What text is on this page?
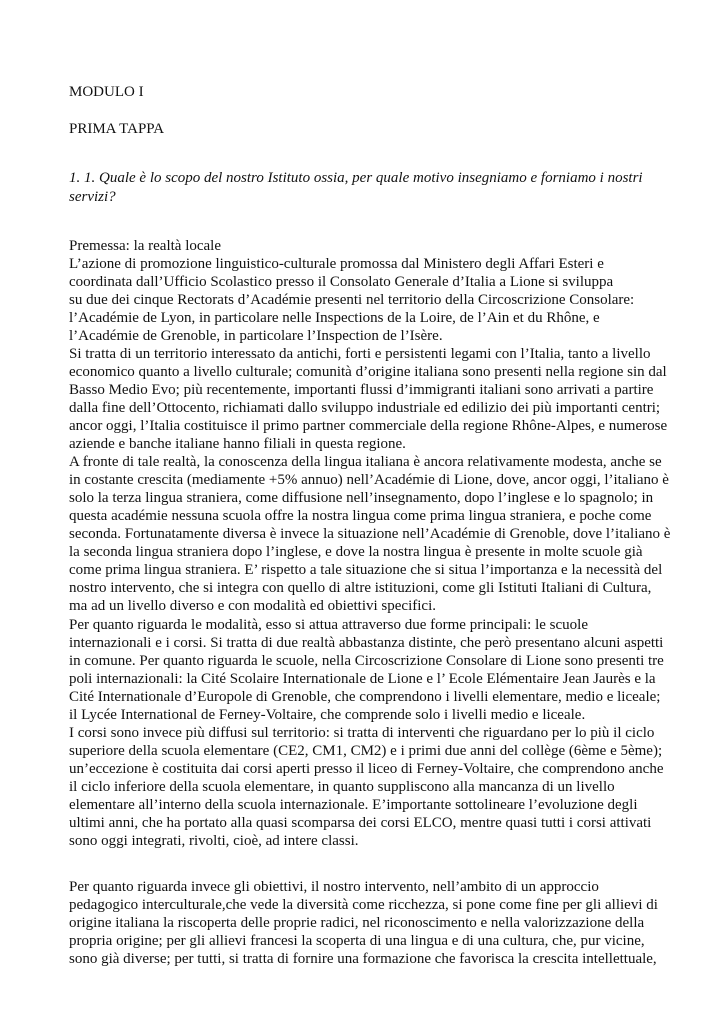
MODULO I
PRIMA TAPPA
1. 1. Quale è lo scopo del nostro Istituto ossia, per quale motivo insegniamo e forniamo i nostri
servizi?
Premessa: la realtà locale
L’azione di promozione linguistico-culturale promossa dal Ministero degli Affari Esteri e
coordinata dall’Ufficio Scolastico presso il Consolato Generale d’Italia a Lione si sviluppa
su due dei cinque Rectorats d’Académie presenti nel territorio della Circoscrizione Consolare:
l’Académie de Lyon, in particolare nelle Inspections de la Loire, de l’Ain et du Rhône, e
l’Académie de Grenoble, in particolare l’Inspection de l’Isère.
Si tratta di un territorio interessato da antichi, forti e persistenti legami con l’Italia, tanto a livello
economico quanto a livello culturale; comunità d’origine italiana sono presenti nella regione sin dal
Basso Medio Evo; più recentemente, importanti flussi d’immigranti italiani sono arrivati a partire
dalla fine dell’Ottocento, richiamati dallo sviluppo industriale ed edilizio dei più importanti centri;
ancor oggi, l’Italia costituisce il primo partner commerciale della regione Rhône-Alpes, e numerose
aziende e banche italiane hanno filiali in questa regione.
A fronte di tale realtà, la conoscenza della lingua italiana è ancora relativamente modesta, anche se
in costante crescita (mediamente +5% annuo) nell’Académie di Lione, dove, ancor oggi, l’italiano è
solo la terza lingua straniera, come diffusione nell’insegnamento, dopo l’inglese e lo spagnolo; in
questa académie nessuna scuola offre la nostra lingua come prima lingua straniera, e poche come
seconda. Fortunatamente diversa è invece la situazione nell’Académie di Grenoble, dove l’italiano è
la seconda lingua straniera dopo l’inglese, e dove la nostra lingua è presente in molte scuole già
come prima lingua straniera. E’ rispetto a tale situazione che si situa l’importanza e la necessità del
nostro intervento, che si integra con quello di altre istituzioni, come gli Istituti Italiani di Cultura,
ma ad un livello diverso e con modalità ed obiettivi specifici.
Per quanto riguarda le modalità, esso si attua attraverso due forme principali: le scuole
internazionali e i corsi. Si tratta di due realtà abbastanza distinte, che però presentano alcuni aspetti
in comune. Per quanto riguarda le scuole, nella Circoscrizione Consolare di Lione sono presenti tre
poli internazionali: la Cité Scolaire Internationale de Lione e l’ Ecole Elémentaire Jean Jaurès e la
Cité Internationale d’Europole di Grenoble, che comprendono i livelli elementare, medio e liceale;
il Lycée International de Ferney-Voltaire, che comprende solo i livelli medio e liceale.
I corsi sono invece più diffusi sul territorio: si tratta di interventi che riguardano per lo più il ciclo
superiore della scuola elementare (CE2, CM1, CM2) e i primi due anni del collège (6ème e 5ème);
un’eccezione è costituita dai corsi aperti presso il liceo di Ferney-Voltaire, che comprendono anche
il ciclo inferiore della scuola elementare, in quanto suppliscono alla mancanza di un livello
elementare all’interno della scuola internazionale. E’importante sottolineare l’evoluzione degli
ultimi anni, che ha portato alla quasi scomparsa dei corsi ELCO, mentre quasi tutti i corsi attivati
sono oggi integrati, rivolti, cioè, ad intere classi.
Per quanto riguarda invece gli obiettivi, il nostro intervento, nell’ambito di un approccio
pedagogico interculturale,che vede la diversità come ricchezza, si pone come fine per gli allievi di
origine italiana la riscoperta delle proprie radici, nel riconoscimento e nella valorizzazione della
propria origine; per gli allievi francesi la scoperta di una lingua e di una cultura, che, pur vicine,
sono già diverse; per tutti, si tratta di fornire una formazione che favorisca la crescita intellettuale,
